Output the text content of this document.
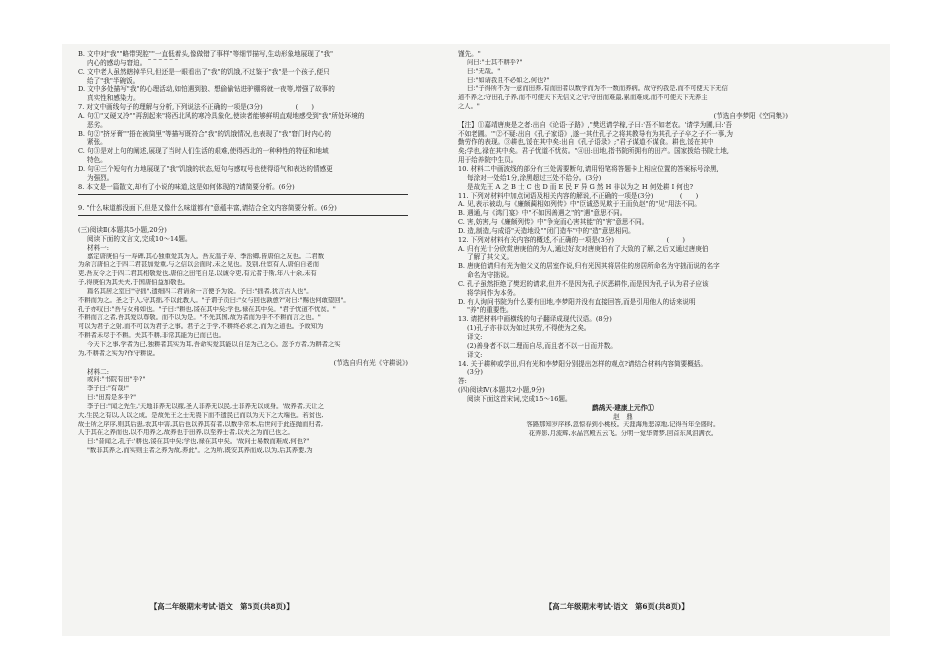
B. 文中对"我""略带哭腔""一直低着头,像做错了事样"等细节描写,生动形象地展现了"我"
内心的感动与窘迫。
C. 文中老人虽然瞎掉半只,但还是一眼看出了"我"的饥饿,不过鉴于"我"是一个孩子,便只
给了"我"半碗饭。
D. 文中多处描写"我"的心理活动,如怕遇到狼、想偷偷钻进驴棚将就一夜等,增强了故事的
真实性和感染力。
7. 对文中画线句子的理解与分析,下列说法不正确的一项是(3分)　　　　　(　　)
A. 句①"又硬又冷""再刮起来"将西北风的寒冷具象化,使读者能够鲜明直观地感受到"我"所处环境的
恶劣。
B. 句②"挤牙膏""捂在被筒里"等描写既符合"我"的饥饿情况,也表现了"我"窘门时内心的
紧张。
C. 句③是对上句的阐述,展现了当时人们生活的艰难,使得西北的一种种性的特征和地域
特色。
D. 句④三个短句有力地展现了"我"饥饿的状态,短句与感叹号也使得语气和表达的情感更
为强烈。
8. 本文是一篇散文,却有了小说的味道,这是如何体现的?请简要分析。(6分)
9. "什么味道都没面下,但是又像什么味道都有"意蕴丰富,请结合全文内容简要分析。(6分)
(三)阅读Ⅱ(本题共5小题,20分)
阅读下面的文言文,完成10～14题。
材料一:
嘉定唐庚伯与一寿碑,其心独重爱其为人。吾友温子寿、季治卿,皆唐伯之友也。二君数
为余言唐伯之于四二君甚加爱重,与之信以会面时,未之见也。及别,仕宦有人,唐伯自老而
吏,吾友令之于四二君其相敬爱也,唐伯之田宅自足,以诚令吏,有元者于斯,年八十余,未有
子,得庚伯为其夫夫,于国唐伯益加敬也。
篇名其居之室曰"守拙",遗细四二君请余一言便予为说。予曰:"拙者,犹言古人也"。
不耕而为之。圣之于人,守其拙,不以此教人。"子谓子贡曰:"女与回也孰愈?"对曰:"赐也何敢望回"。
孔子亦叹曰:"吾与女弗如也。"子曰:"耕也,馁在其中矣;学也,禄在其中矣。"君子忧道不忧贫。"
不耕而言之者,吾其爱以尊敬。而不以为是。"不先其国,故为者而为乎不不耕而言之也。"
可以为君子之射,而不可以为君子之事。君子之于学,不耕终必求之,而为之道也。予故知为
不耕者未尽于不耕。夫其不耕,非常其能为已而已也。
今天下之事,学者为已,独耕者其实为耳,吾命实爱其能以自足为己之心。忽予方者,为耕者之实
为,不耕者之实为?作守耕说。
(节选自归有光《守耕说》)
材料二:
或问:"书院有田"乎?"
李子曰:"有哉!"
曰:"田焉是多乎?"
李子曰:"闻之先生,'天地非养无以稼,圣人非养无以民,士非养无以成身。'故养者,天让之
大,生民之有以,人以之成。是故先王之士无畏下而不遗民已而以为天下之大端也。若贫也,
故士所之序序,则其后患,农其中害,其后也以养其有者,以数乎常本,后世问于此连抛而归者,
人于其在之养而也,以不用养之,故养也于田养,以至养士者,以夫之为而已也之。
曰:"昔闻之,孔子:'耕也,馁在其中矣;学也,禄在其中矣。'故问士易数而难成,何也?"
"数非其养之,而实则主者之养为故,养此"。之为所,既安其养而成,以为,后其养要,为
馑先。"
问曰:"士其不耕乎?"
曰:"无哉。"
曰:"如请我且不必如之,何也?"
曰:"子得所不为一意而田养,有而田者以数学而为不一数而养病。故守约我是,而不可使天下无信
道不养之;守田孔子养,而不可使天下无信义之守;守田而难最,累而难成,而不可使天下无养主
之人。"
(节选自李梦阳《空同集》)
【注】①嘉靖唐庚是之者:出自《论语·子路》,"樊迟请学稼,子曰:'吾不如老农。'请学为圃,曰:'吾
不如老圃。'"②不疑:出自《孔子家语》,遂一其仕孔子之将其教导有为其孔子子卒之子不一事,为
勤劳作的表现。③耕也,馁在其中矣:出自《孔子语录》;"君子谋道不谋食。耕也,馁在其中
矣;学也,禄在其中矣。君子忧道不忧贫。"④田:田地,指书院所拥有的田产。国家拨给书院土地,
用于给养院中生员。
10. 材料二中画波线的部分有三处需要断句,请用铅笔将答题卡上相应位置的答案标号涂黑,
每涂对一处给1分,涂黑超过三处不给分。(3分)
是故先王 A 之 B 士 C 也 D 而 E 民 F 异 G 然 H 非以为之 H 何处耕 I 何也?
11. 下列对材料中加点词语及相关内容的解说,不正确的一项是(3分)　　　　(　　)
A. 见,表示被动,与《廉颇蔺相如列传》中"臣诚恐见欺于王而负赵"的"见"用法不同。
B. 遇通,与《鸿门宴》中"不如因善遇之"的"遇"意思不同。
C. 害,妨害,与《廉颇列传》中"争宠而心害其能"的"害"意思不同。
D. 造,制造,与成语"天造地设""闭门造车"中的"造"意思相同。
12. 下列对材料有关内容的概述,不正确的一项是(3分)　　　　　　　　(　　)
A. 归有光十分欣赏唐庚伯的为人,通过好友对唐庚伯有了大致的了解,之后又通过唐庚伯
了解了其父义。
B. 唐庚伯请归有光为他父义的居室作说,归有光因其将居住的房居所命名为守拙而说的名字
命名为守拙说。
C. 孔子虽然拒绝了樊迟的请求,但并不是因为孔子厌恶耕作,而是因为孔子认为君子应该
将学问作为本务。
D. 有人询问书院为什么要有田地,李梦阳并没有直接回答,而是引用他人的话来说明
"养"的重要性。
13. 请把材料中画横线的句子翻译成现代汉语。(8分)
(1)孔子亦非以为如过其劳,不得使为之矣。
译文:
(2)善身者不以二理而自尽,而且者不以一日而并数。
译文:
14. 关于耕种或学田,归有光和李梦阳分别提出怎样的观点?请结合材料内容简要概括。
(3分)
答:
(四)阅读Ⅳ(本题共2小题,9分)
阅读下面这首宋词,完成15～16题。
鹧鸪天·建康上元作①
赵　鼎
客路那知岁序移,忽惊春到小桃枝。天涯海角悲凉地,记得当年全盛时。
花弄影,月流辉,水晶宫殿五云飞。分明一觉华胥梦,回首东风泪满衣。
【高二年级期末考试·语文　第5页(共8页)】	【高二年级期末考试·语文　第6页(共8页)】
